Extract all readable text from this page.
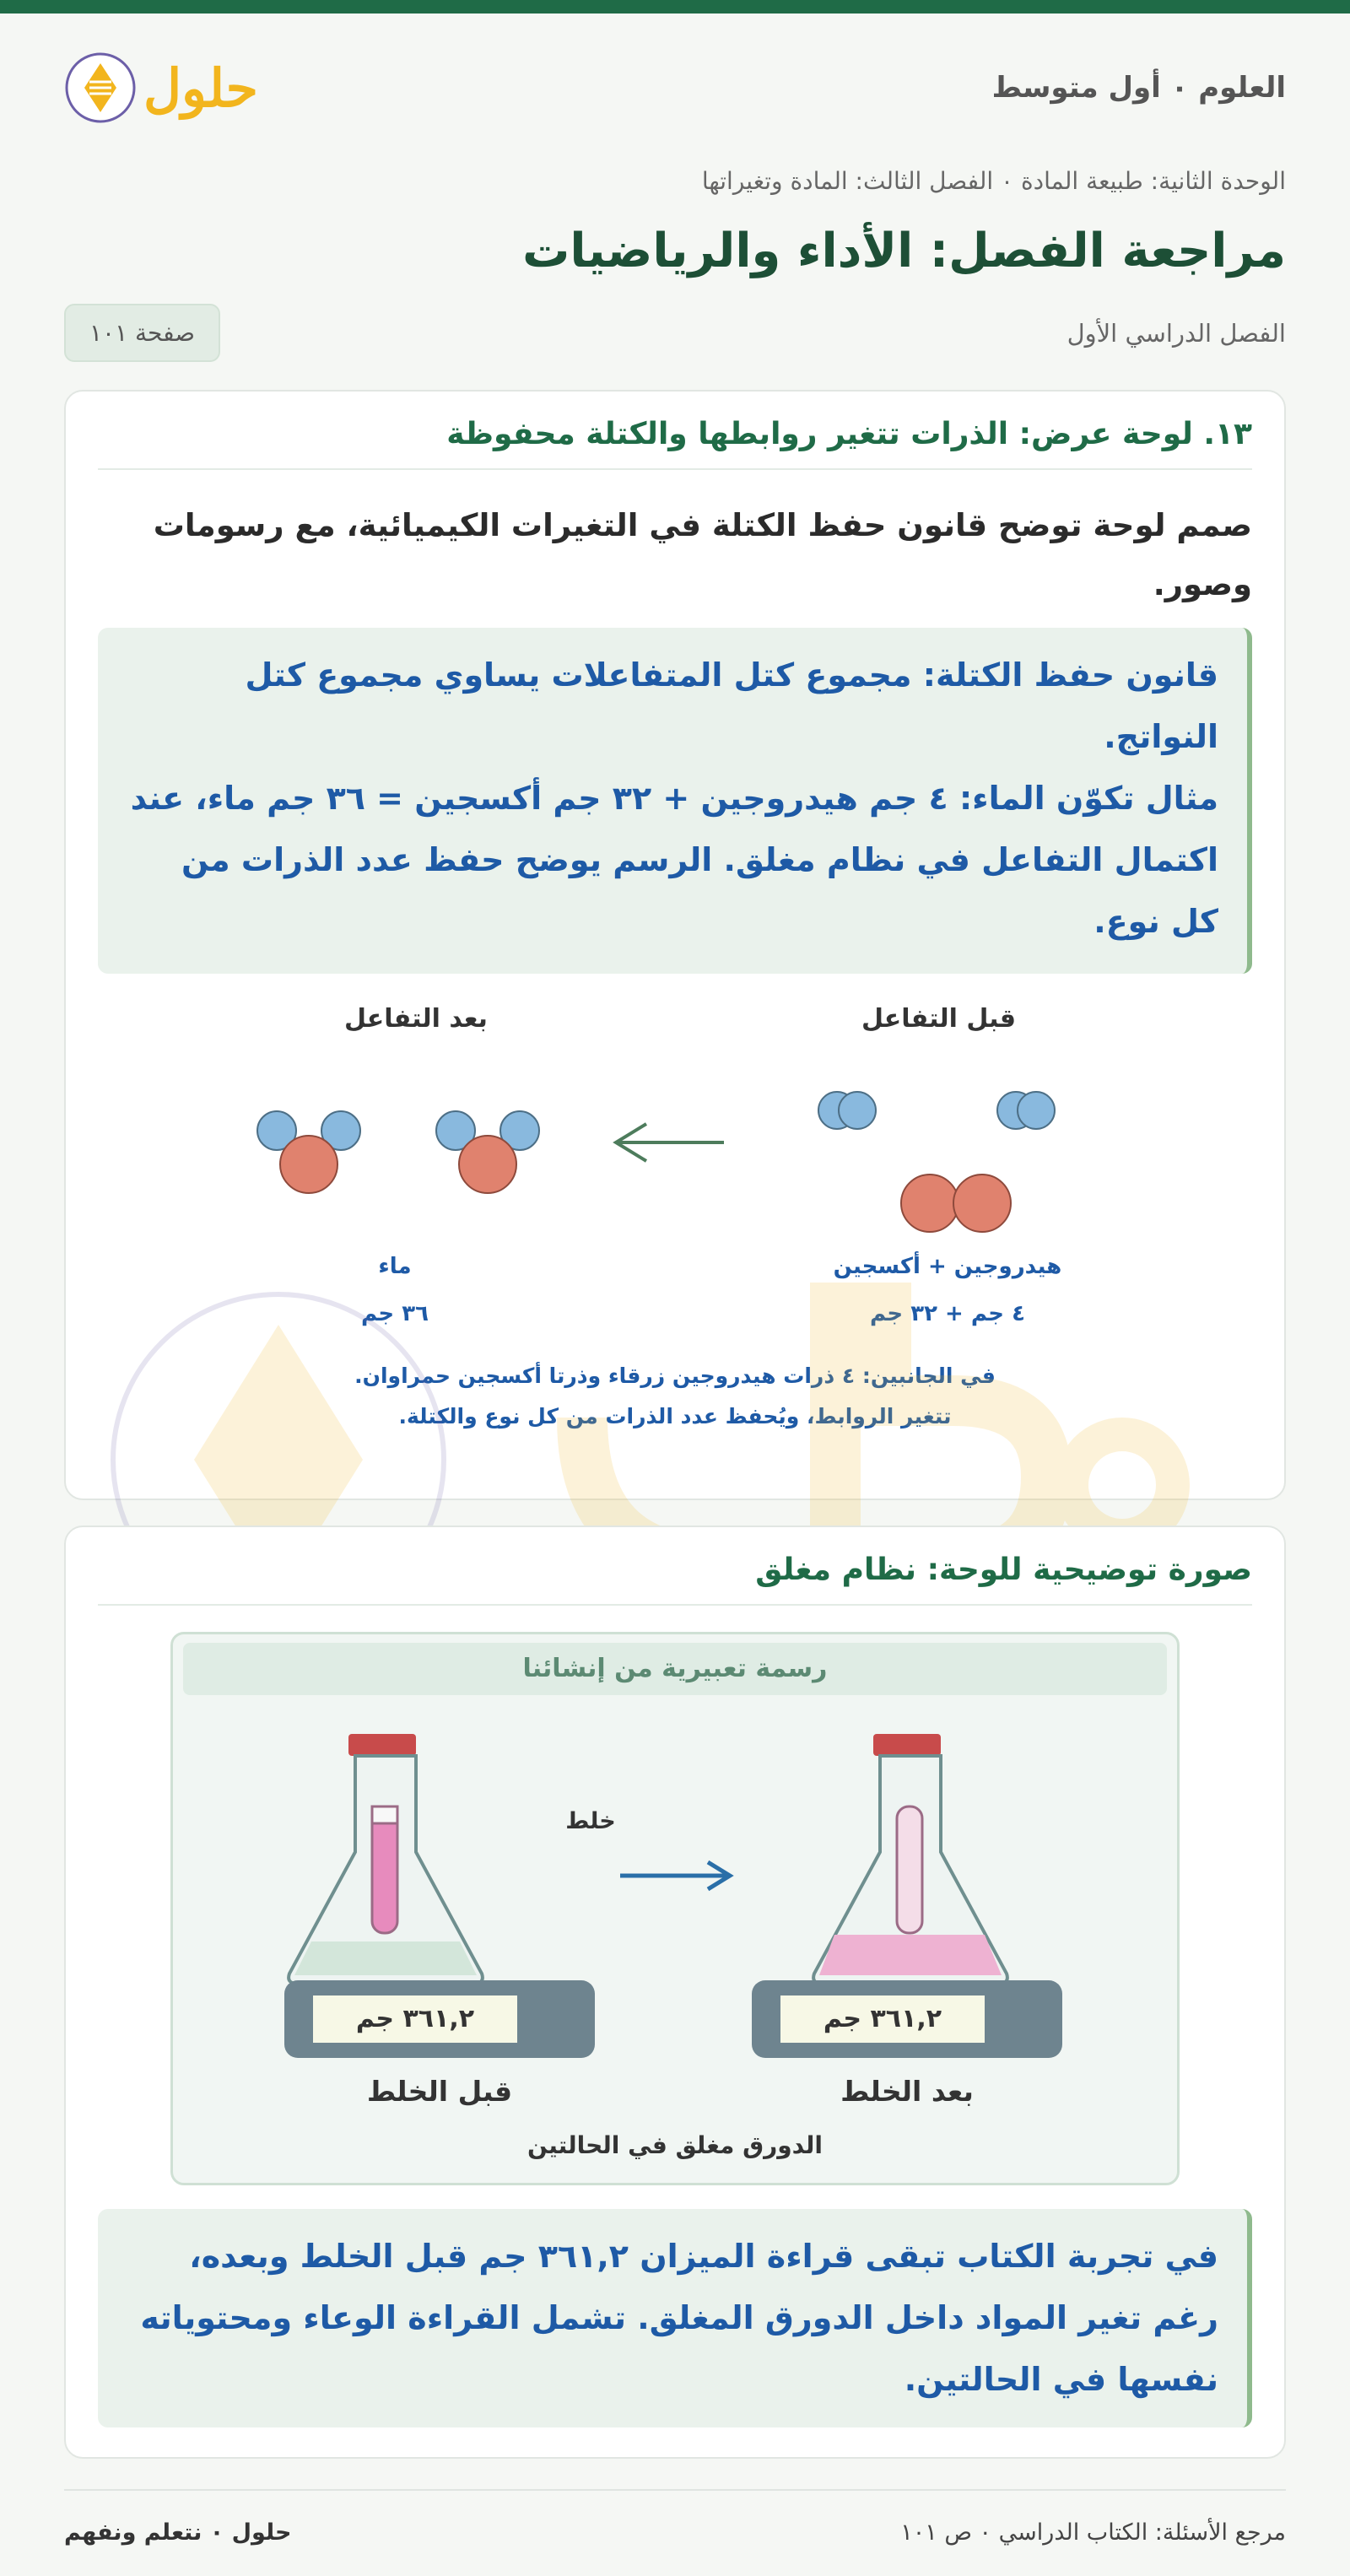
العلوم ٠ أول متوسط
حلول
الوحدة الثانية: طبيعة المادة ٠ الفصل الثالث: المادة وتغيراتها
مراجعة الفصل: الأداء والرياضيات
الفصل الدراسي الأول
صفحة ١٠١
١٣. لوحة عرض: الذرات تتغير روابطها والكتلة محفوظة
صمم لوحة توضح قانون حفظ الكتلة في التغيرات الكيميائية، مع رسومات وصور.
قانون حفظ الكتلة: مجموع كتل المتفاعلات يساوي مجموع كتل النواتج.
مثال تكوّن الماء: ٤ جم هيدروجين + ٣٢ جم أكسجين = ٣٦ جم ماء، عند اكتمال التفاعل في نظام مغلق. الرسم يوضح حفظ عدد الذرات من كل نوع.
قبل التفاعل
بعد التفاعل
هيدروجين + أكسجين
٤ جم + ٣٢ جم
ماء
٣٦ جم
في الجانبين: ٤ ذرات هيدروجين زرقاء وذرتا أكسجين حمراوان.
تتغير الروابط، ويُحفظ عدد الذرات من كل نوع والكتلة.
صورة توضيحية للوحة: نظام مغلق
رسمة تعبيرية من إنشائنا
خلط
٣٦١,٢ جم	٣٦١,٢ جم
قبل الخلط	بعد الخلط
الدورق مغلق في الحالتين
في تجربة الكتاب تبقى قراءة الميزان ٣٦١,٢ جم قبل الخلط وبعده، رغم تغير المواد داخل الدورق المغلق. تشمل القراءة الوعاء ومحتوياته نفسها في الحالتين.
مرجع الأسئلة: الكتاب الدراسي ٠ ص ١٠١
حلول ٠ نتعلم ونفهم
